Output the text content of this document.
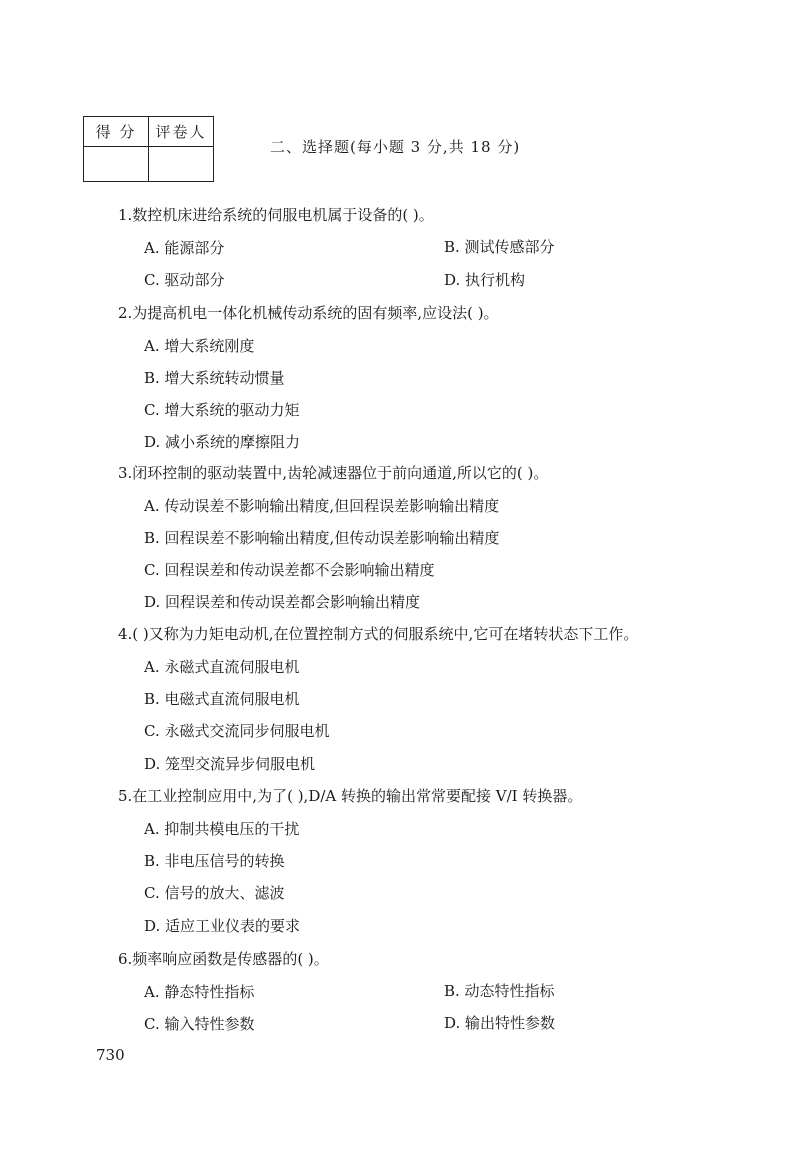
得 分	评卷人

二、选择题(每小题 3 分,共 18 分)
1.数控机床进给系统的伺服电机属于设备的( )。
A. 能源部分	B. 测试传感部分
C. 驱动部分	D. 执行机构
2.为提高机电一体化机械传动系统的固有频率,应设法( )。
A. 增大系统刚度
B. 增大系统转动惯量
C. 增大系统的驱动力矩
D. 减小系统的摩擦阻力
3.闭环控制的驱动装置中,齿轮减速器位于前向通道,所以它的( )。
A. 传动误差不影响输出精度,但回程误差影响输出精度
B. 回程误差不影响输出精度,但传动误差影响输出精度
C. 回程误差和传动误差都不会影响输出精度
D. 回程误差和传动误差都会影响输出精度
4.( )又称为力矩电动机,在位置控制方式的伺服系统中,它可在堵转状态下工作。
A. 永磁式直流伺服电机
B. 电磁式直流伺服电机
C. 永磁式交流同步伺服电机
D. 笼型交流异步伺服电机
5.在工业控制应用中,为了( ),D/A 转换的输出常常要配接 V/I 转换器。
A. 抑制共模电压的干扰
B. 非电压信号的转换
C. 信号的放大、滤波
D. 适应工业仪表的要求
6.频率响应函数是传感器的( )。
A. 静态特性指标	B. 动态特性指标
C. 输入特性参数	D. 输出特性参数
730
